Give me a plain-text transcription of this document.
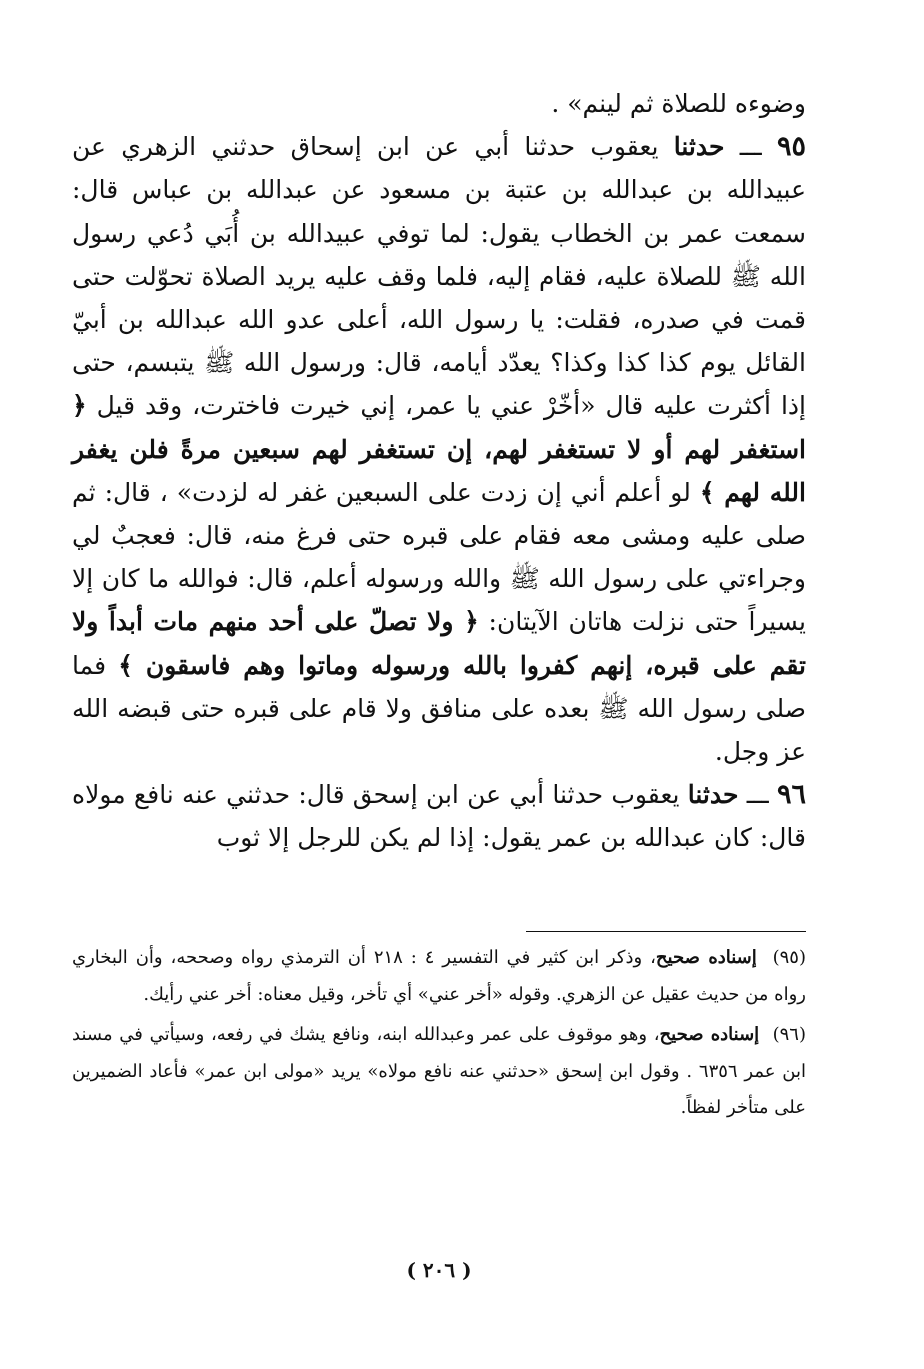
وضوءه للصلاة ثم لينم» .

٩٥ ـــ حدثنا يعقوب حدثنا أبي عن ابن إسحاق حدثني الزهري عن عبيدالله بن عبدالله بن عتبة بن مسعود عن عبدالله بن عباس قال: سمعت عمر بن الخطاب يقول: لما توفي عبيدالله بن أُبَي دُعي رسول الله ﷺ للصلاة عليه، فقام إليه، فلما وقف عليه يريد الصلاة تحوّلت حتى قمت في صدره، فقلت: يا رسول الله، أعلى عدو الله عبدالله بن أبيّ القائل يوم كذا كذا وكذا؟ يعدّد أيامه، قال: ورسول الله ﷺ يتبسم، حتى إذا أكثرت عليه قال «أخّرْ عني يا عمر، إني خيرت فاخترت، وقد قيل ﴿ استغفر لهم أو لا تستغفر لهم، إن تستغفر لهم سبعين مرةً فلن يغفر الله لهم ﴾ لو أعلم أني إن زدت على السبعين غفر له لزدت» ، قال: ثم صلى عليه ومشى معه فقام على قبره حتى فرغ منه، قال: فعجبٌ لي وجراءتي على رسول الله ﷺ والله ورسوله أعلم، قال: فوالله ما كان إلا يسيراً حتى نزلت هاتان الآيتان: ﴿ ولا تصلّ على أحد منهم مات أبداً ولا تقم على قبره، إنهم كفروا بالله ورسوله وماتوا وهم فاسقون ﴾ فما صلى رسول الله ﷺ بعده على منافق ولا قام على قبره حتى قبضه الله عز وجل.

٩٦ ـــ حدثنا يعقوب حدثنا أبي عن ابن إسحق قال: حدثني عنه نافع مولاه قال: كان عبدالله بن عمر يقول: إذا لم يكن للرجل إلا ثوب

(٩٥)  إسناده صحيح، وذكر ابن كثير في التفسير ٤ : ٢١٨ أن الترمذي رواه وصححه، وأن البخاري رواه من حديث عقيل عن الزهري. وقوله «أخر عني» أي تأخر، وقيل معناه: أخر عني رأيك.

(٩٦)  إسناده صحيح، وهو موقوف على عمر وعبدالله ابنه، ونافع يشك في رفعه، وسيأتي في مسند ابن عمر ٦٣٥٦ . وقول ابن إسحق «حدثني عنه نافع مولاه» يريد «مولى ابن عمر» فأعاد الضميرين على متأخر لفظاً.

( ٢٠٦ )
